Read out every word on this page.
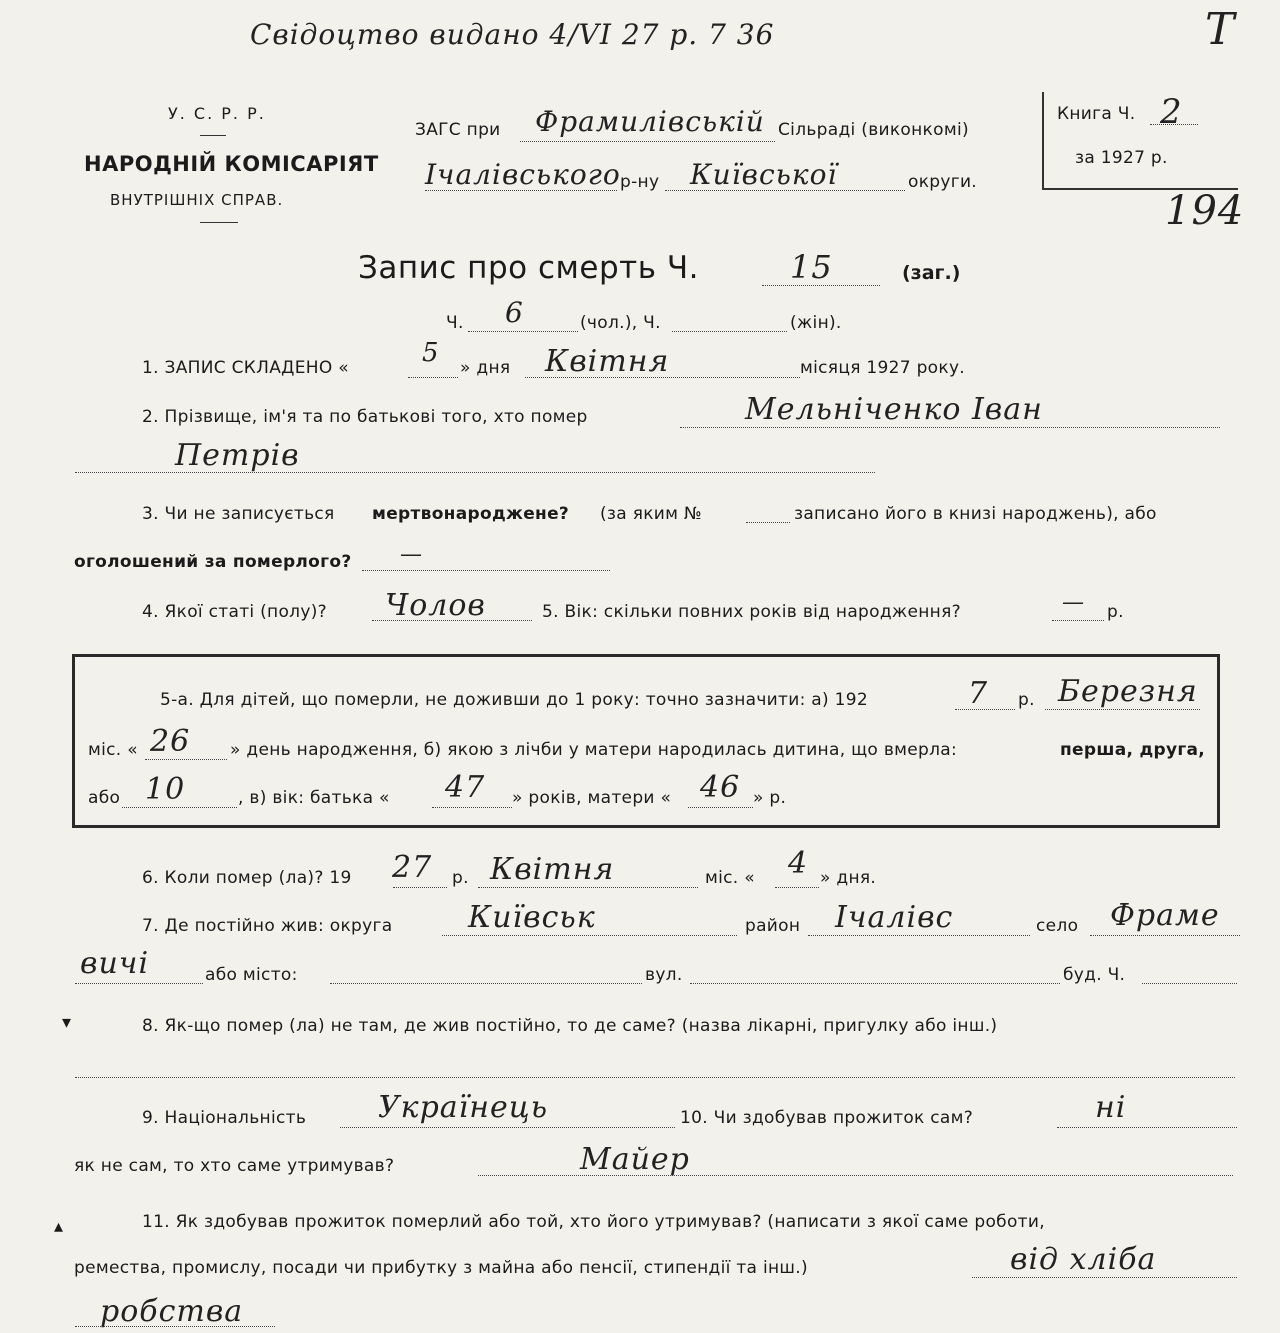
Свідоцтво видано 4/VI 27 р. 7 36	Т
У. С. Р. Р.
НАРОДНІЙ КОМІСАРІЯТ
ВНУТРІШНІХ СПРАВ.
ЗАГС при Фрамилівській Сільраді (виконкомі)
Ічалівського р-ну Київської	округи.
Книга Ч. 2
за 1927 р.
194
Запис про смерть Ч.	15	(заг.)
Ч. 6	(чол.), Ч.	(жін).
1. ЗАПИС СКЛАДЕНО «	5 » дня Квітня	місяця 1927 року.
2. Прізвище, ім'я та по батькові того, хто помер	Мельніченко Іван
Петрів
3. Чи не записується мертвонароджене? (за яким №	записано його в книзі народжень), або
оголошений за померлого? —
4. Якої статі (полу)? Чолов	5. Вік: скільки повних років від народження?	— р.
5-а. Для дітей, що померли, не доживши до 1 року: точно зазначити: а) 192	7 р. Березня
міс. « 26 » день народження, б) якою з лічби у матери народилась дитина, що вмерла:	перша, друга,
або 10	, в) вік: батька « 47 » років, матери « 46 » р.
6. Коли помер (ла)? 19 27 р. Квітня	міс. « 4 » дня.
7. Де постійно жив: округа	Київськ	район Ічалівс	село Фраме
вичі	або місто:	вул.	буд. Ч.
▾	8. Як-що помер (ла) не там, де жив постійно, то де саме? (назва лікарні, пригулку або інш.)
9. Національність Українець	10. Чи здобував прожиток сам?	ні
як не сам, то хто саме утримував?	Майер
▴	11. Як здобував прожиток померлий або той, хто його утримував? (написати з якої саме роботи,
ремества, промислу, посади чи прибутку з майна або пенсії, стипендії та інш.)	від хліба
робства
